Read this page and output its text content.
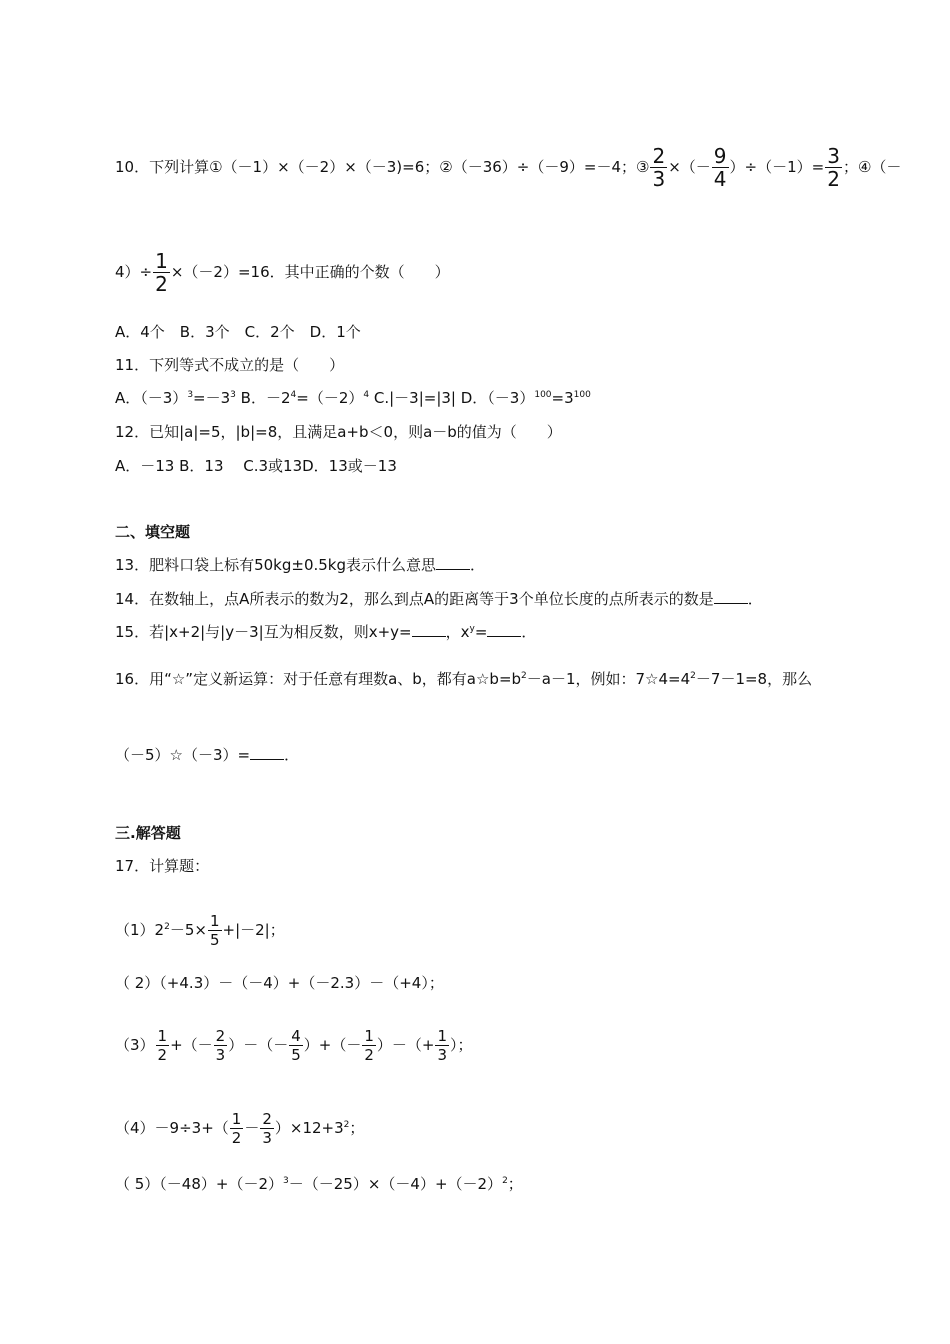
10．下列计算①（－1）×（－2）×（－3)=6；②（－36）÷（－9）=－4；③ $\frac{2}{3}$ ×（－ $\frac{9}{4} )\div(-1)= \frac{3}{2}$ ；④（－
$4)\div \frac{1}{2} \times(-2)=16$．其中正确的个数（　　）
A．4个　B．3个　C．2个　D．1个
11．下列等式不成立的是（　　）
A．$(-3)^3=-3^3$ B．$-2^4=(-2)^4$ C.|－3|=|3| D．$(-3)^{100}=3^{100}$
12．已知|a|=5，|b|=8，且满足a+b＜0，则a－b的值为（　　）
A．－13 B．13　 C.3或13D．13或－13
二、填空题
13．肥料口袋上标有50kg±0.5kg表示什么意思 ．
14．在数轴上，点A所表示的数为2，那么到点A的距离等于3个单位长度的点所表示的数是 ．
15．若|x+2|与|y－3|互为相反数，则x+y= ，$x^y=$ ．
16．用“☆”定义新运算：对于任意有理数a、b，都有$a☆b=b^2-a-1$，例如：$7☆4=4^2-7-1=8$，那么
（－5）☆（－3）= ．
三.解答题
17．计算题：
$(1)2^2-5\times \frac{1}{5} +|-2|$；
（ 2）（+4.3）－（－4）+（－2.3）－（+4）；
$(3) \frac{1}{2}$ +（－ $\frac{2}{3}$ ）－（－ $\frac{4}{5}$ ）+（－ $\frac{1}{2}$ ）－（+ $\frac{1}{3}$ ）；
$(4)-9\div 3+( \frac{1}{2} - \frac{2}{3} )\times 12+3^2$；
（ $5)(-48)+(-2)^3-(-25)\times(-4)+(-2)^2$；
